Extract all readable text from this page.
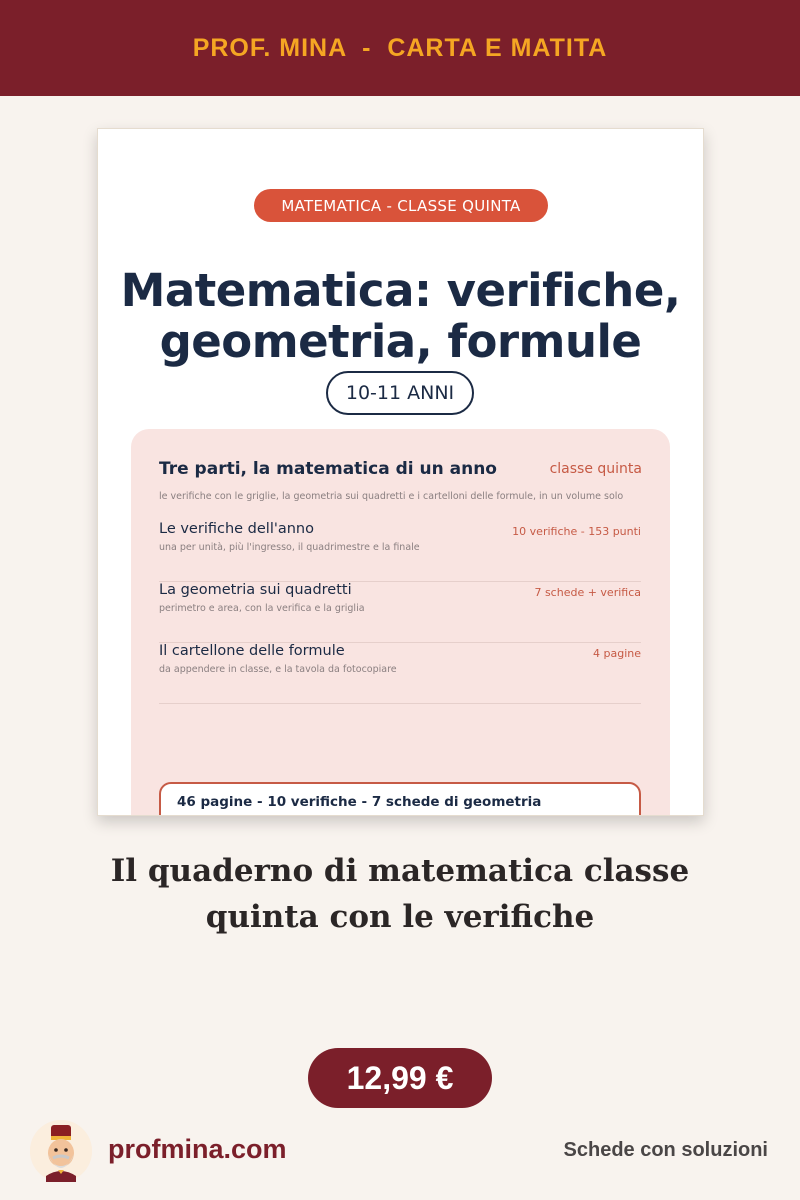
PROF. MINA  -  CARTA E MATITA
MATEMATICA - CLASSE QUINTA
Matematica: verifiche,
geometria, formule
10-11 ANNI
Tre parti, la matematica di un anno	classe quinta
le verifiche con le griglie, la geometria sui quadretti e i cartelloni delle formule, in un volume solo
Le verifiche dell'anno
una per unità, più l'ingresso, il quadrimestre e la finale
10 verifiche - 153 punti
La geometria sui quadretti
perimetro e area, con la verifica e la griglia
7 schede + verifica
Il cartellone delle formule
da appendere in classe, e la tavola da fotocopiare
4 pagine
46 pagine - 10 verifiche - 7 schede di geometria
Il quaderno di matematica classe
quinta con le verifiche
12,99 €
profmina.com	Schede con soluzioni
